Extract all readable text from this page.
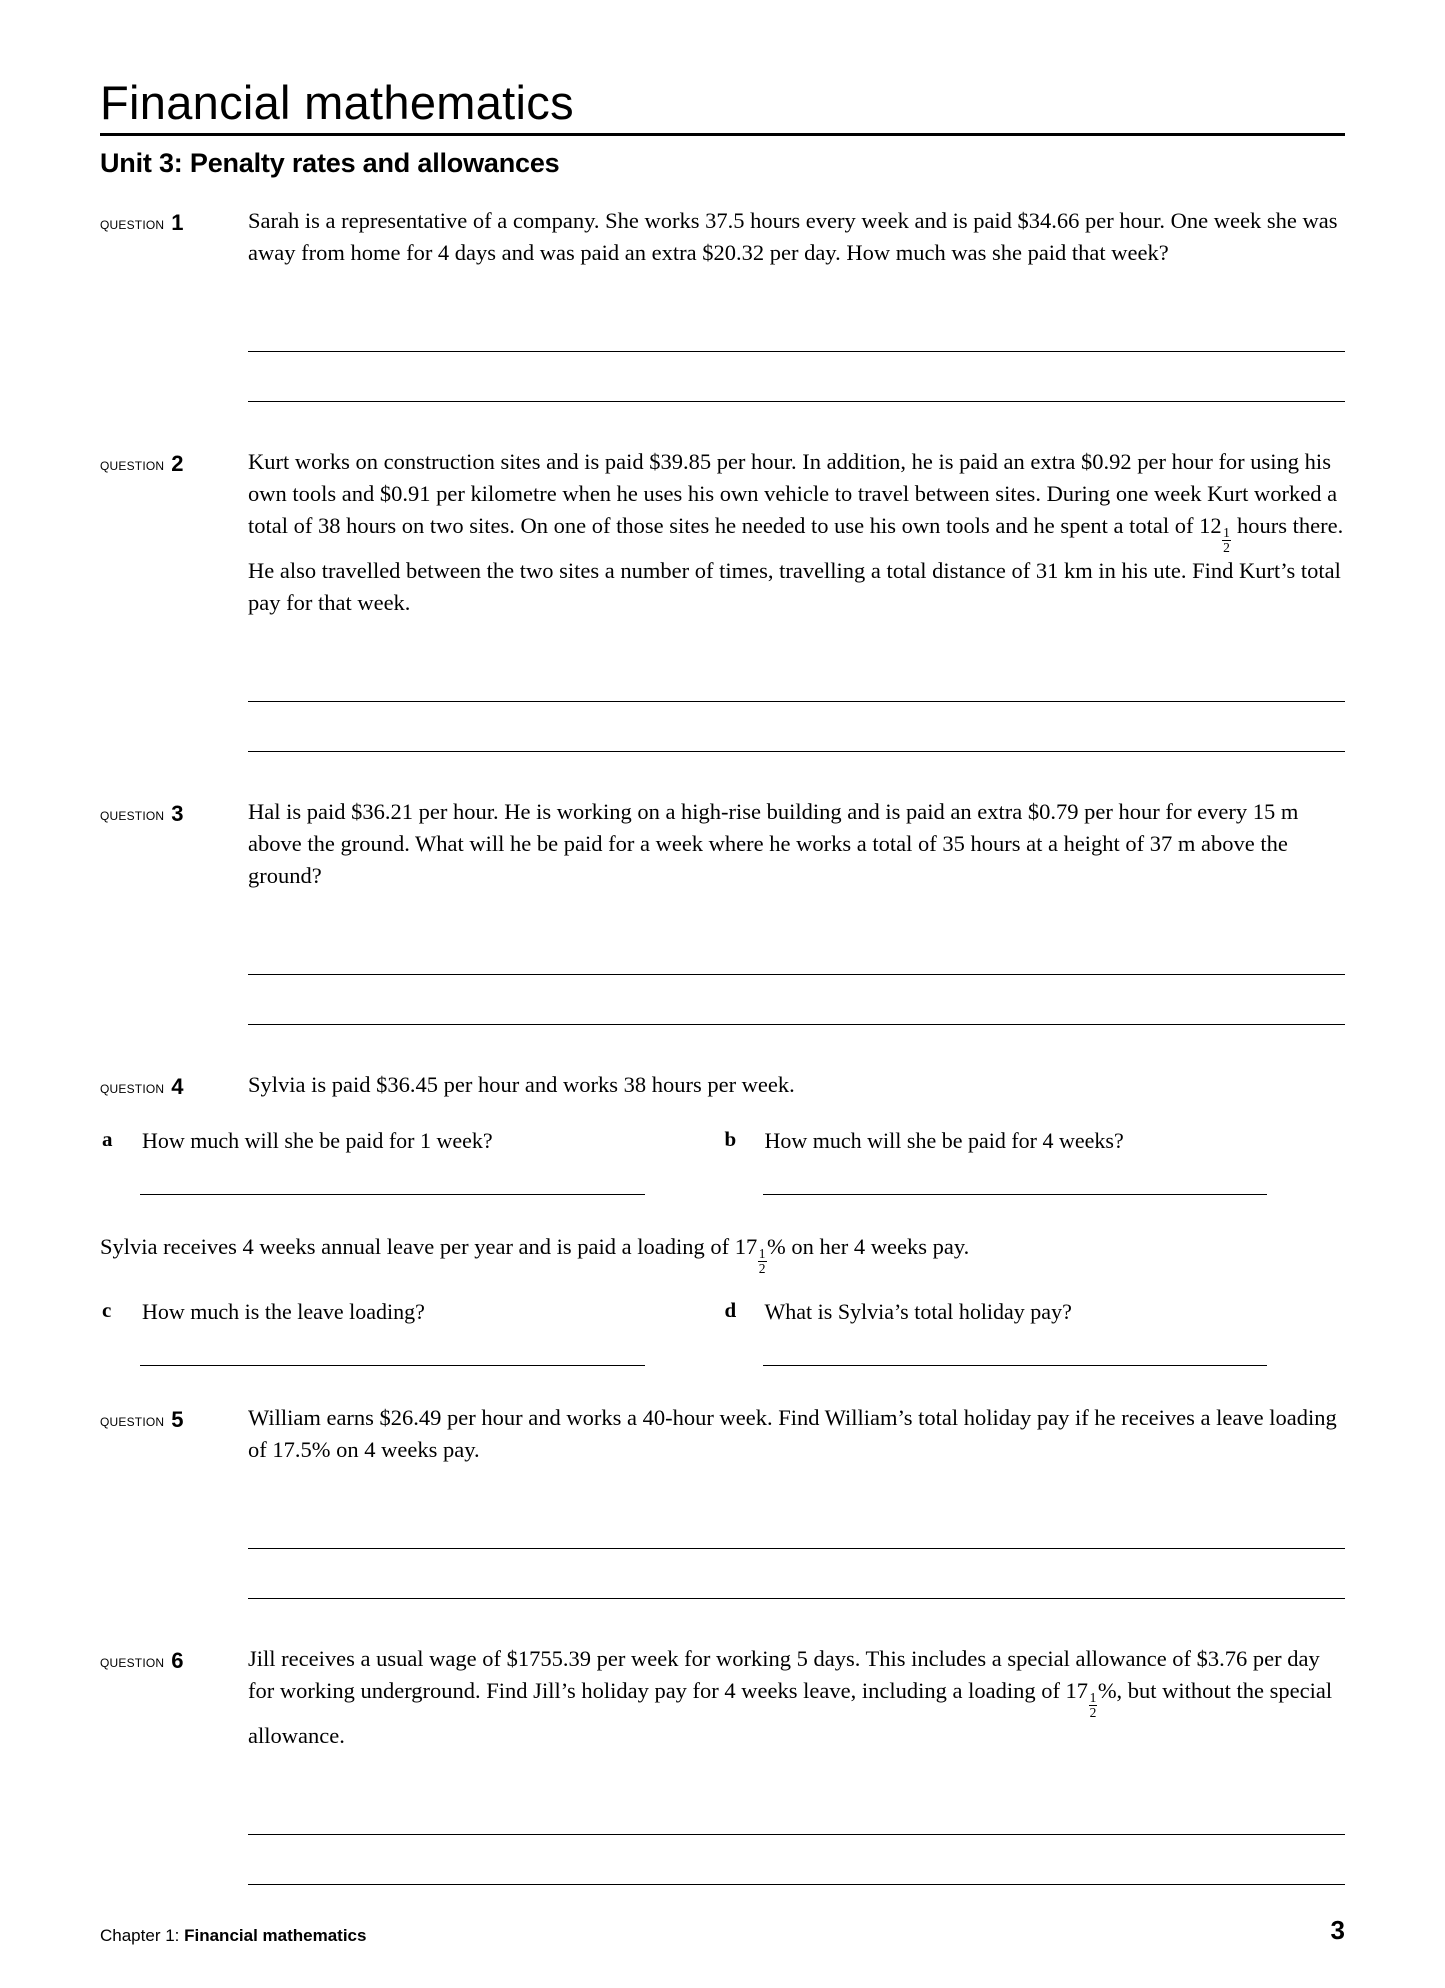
Financial mathematics
Unit 3: Penalty rates and allowances
question 1	Sarah is a representative of a company. She works 37.5 hours every week and is paid $34.66 per hour. One week she was away from home for 4 days and was paid an extra $20.32 per day. How much was she paid that week?

question 2	Kurt works on construction sites and is paid $39.85 per hour. In addition, he is paid an extra $0.92 per hour for using his own tools and $0.91 per kilometre when he uses his own vehicle to travel between sites. During one week Kurt worked a total of 38 hours on two sites. On one of those sites he needed to use his own tools and he spent a total of 12
$\frac{1}{2}$
hours there. He also travelled between the two sites a number of times, travelling a total distance of 31 km in his ute. Find Kurt’s total pay for that week.

question 3	Hal is paid $36.21 per hour. He is working on a high-rise building and is paid an extra $0.79 per hour for every 15 m above the ground. What will he be paid for a week where he works a total of 35 hours at a height of 37 m above the ground?

question 4	Sylvia is paid $36.45 per hour and works 38 hours per week.

a	How much will she be paid for 1 week?	b	How much will she be paid for 4 weeks?

Sylvia receives 4 weeks annual leave per year and is paid a loading of 17
$\frac{1}{2}$
% on her 4 weeks pay.

c	How much is the leave loading?	d	What is Sylvia’s total holiday pay?
question 5	William earns $26.49 per hour and works a 40-hour week. Find William’s total holiday pay if he receives a leave loading of 17.5% on 4 weeks pay.

question 6	Jill receives a usual wage of $1755.39 per week for working 5 days. This includes a special allowance of $3.76 per day for working underground. Find Jill’s holiday pay for 4 weeks leave, including a loading of 17
$\frac{1}{2}$
%, but without the special allowance.

Chapter 1: Financial mathematics	3
